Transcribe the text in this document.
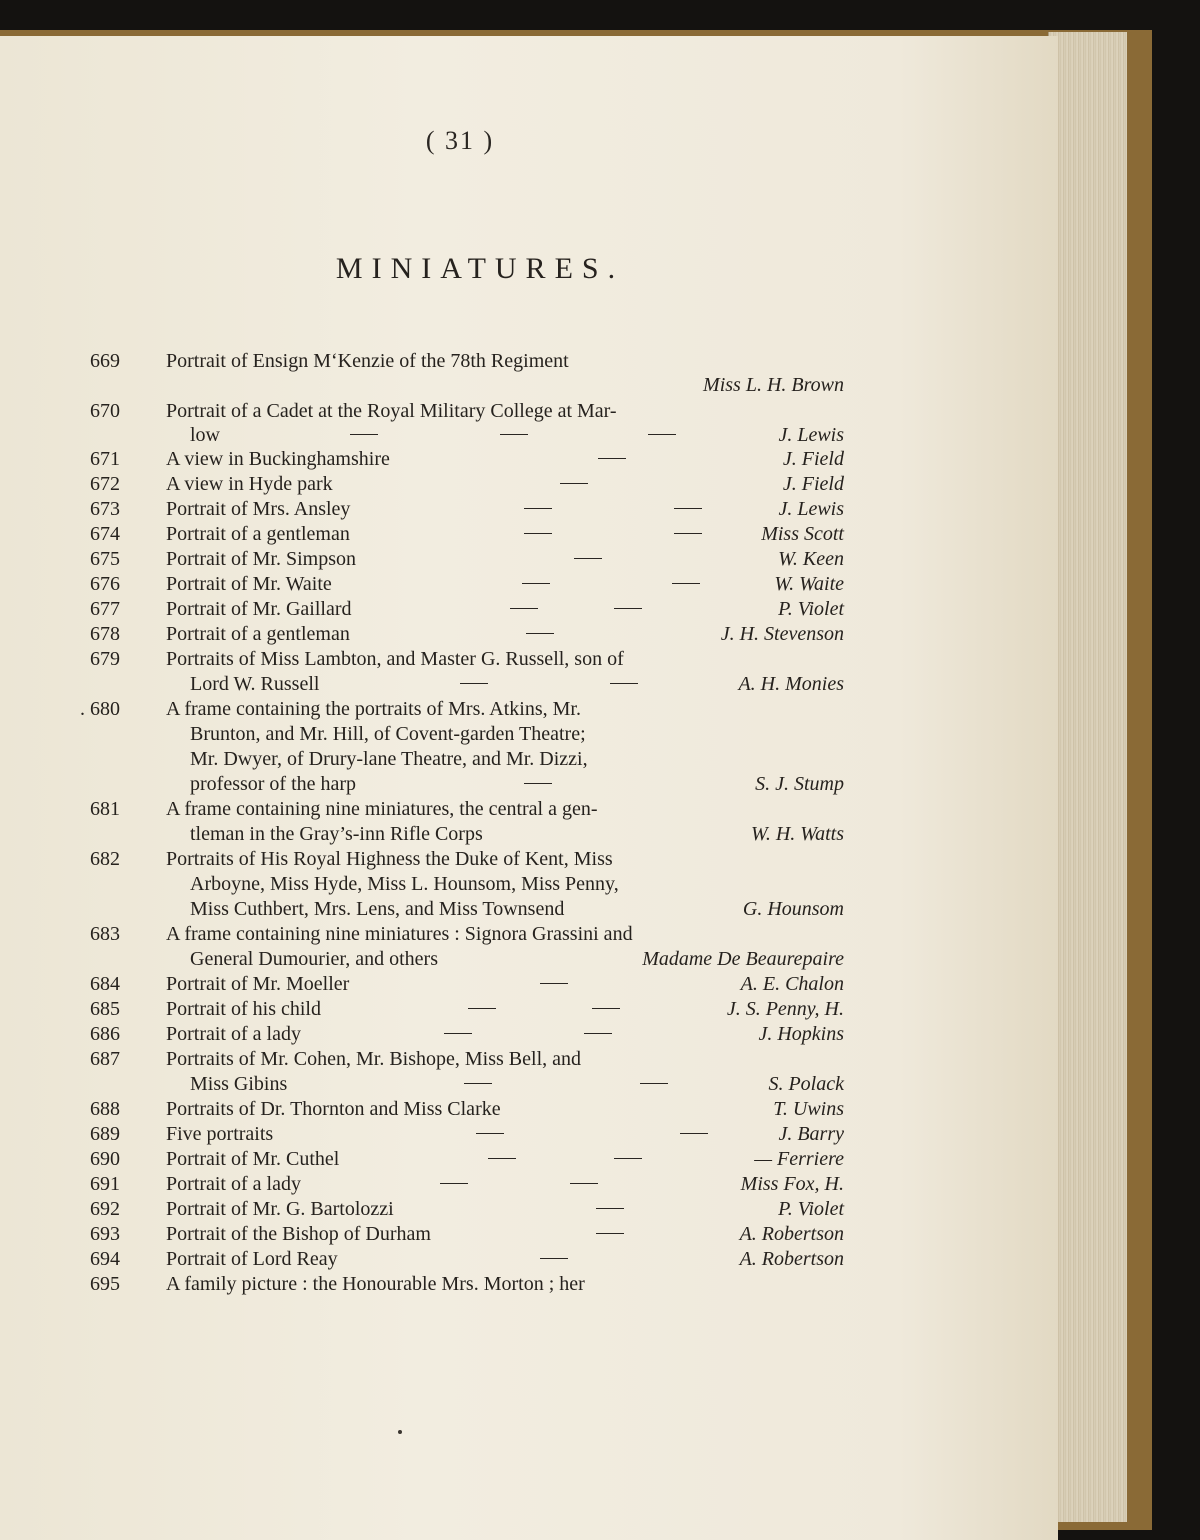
( 31 )
MINIATURES.
669 Portrait of Ensign M‘Kenzie of the 78th Regiment
Miss L. H. Brown
670 Portrait of a Cadet at the Royal Military College at Mar-
low	J. Lewis
671 A view in Buckinghamshire	J. Field
672 A view in Hyde park	J. Field
673 Portrait of Mrs. Ansley	J. Lewis
674 Portrait of a gentleman	Miss Scott
675 Portrait of Mr. Simpson	W. Keen
676 Portrait of Mr. Waite	W. Waite
677 Portrait of Mr. Gaillard	P. Violet
678 Portrait of a gentleman	J. H. Stevenson
679 Portraits of Miss Lambton, and Master G. Russell, son of
Lord W. Russell	A. H. Monies
. 680 A frame containing the portraits of Mrs. Atkins, Mr.
Brunton, and Mr. Hill, of Covent-garden Theatre;
Mr. Dwyer, of Drury-lane Theatre, and Mr. Dizzi,
professor of the harp	S. J. Stump
681 A frame containing nine miniatures, the central a gen-
tleman in the Gray’s-inn Rifle Corps	W. H. Watts
682 Portraits of His Royal Highness the Duke of Kent, Miss
Arboyne, Miss Hyde, Miss L. Hounsom, Miss Penny,
Miss Cuthbert, Mrs. Lens, and Miss Townsend	G. Hounsom
683 A frame containing nine miniatures : Signora Grassini and
General Dumourier, and others	Madame De Beaurepaire
684 Portrait of Mr. Moeller	A. E. Chalon
685 Portrait of his child	J. S. Penny, H.
686 Portrait of a lady	J. Hopkins
687 Portraits of Mr. Cohen, Mr. Bishope, Miss Bell, and
Miss Gibins	S. Polack
688 Portraits of Dr. Thornton and Miss Clarke	T. Uwins
689 Five portraits	J. Barry
690 Portrait of Mr. Cuthel	— Ferriere
691 Portrait of a lady	Miss Fox, H.
692 Portrait of Mr. G. Bartolozzi	P. Violet
693 Portrait of the Bishop of Durham	A. Robertson
694 Portrait of Lord Reay	A. Robertson
695 A family picture : the Honourable Mrs. Morton ; her
